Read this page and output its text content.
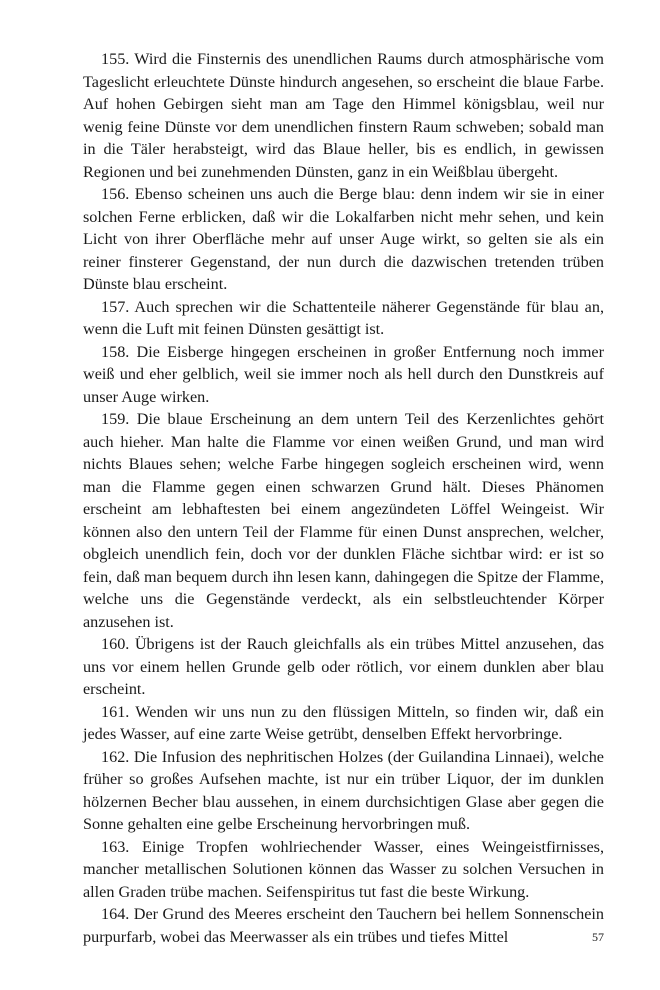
155. Wird die Finsternis des unendlichen Raums durch atmosphärische vom Tageslicht erleuchtete Dünste hindurch angesehen, so erscheint die blaue Farbe. Auf hohen Gebirgen sieht man am Tage den Himmel königsblau, weil nur wenig feine Dünste vor dem unendlichen finstern Raum schweben; sobald man in die Täler herabsteigt, wird das Blaue heller, bis es endlich, in gewissen Regionen und bei zunehmenden Dünsten, ganz in ein Weißblau übergeht.

156. Ebenso scheinen uns auch die Berge blau: denn indem wir sie in einer solchen Ferne erblicken, daß wir die Lokalfarben nicht mehr sehen, und kein Licht von ihrer Oberfläche mehr auf unser Auge wirkt, so gelten sie als ein reiner finsterer Gegenstand, der nun durch die dazwischen tretenden trüben Dünste blau erscheint.

157. Auch sprechen wir die Schattenteile näherer Gegenstände für blau an, wenn die Luft mit feinen Dünsten gesättigt ist.

158. Die Eisberge hingegen erscheinen in großer Entfernung noch immer weiß und eher gelblich, weil sie immer noch als hell durch den Dunstkreis auf unser Auge wirken.

159. Die blaue Erscheinung an dem untern Teil des Kerzenlichtes gehört auch hieher. Man halte die Flamme vor einen weißen Grund, und man wird nichts Blaues sehen; welche Farbe hingegen sogleich erscheinen wird, wenn man die Flamme gegen einen schwarzen Grund hält. Dieses Phänomen erscheint am lebhaftesten bei einem angezündeten Löffel Weingeist. Wir können also den untern Teil der Flamme für einen Dunst ansprechen, welcher, obgleich unendlich fein, doch vor der dunklen Fläche sichtbar wird: er ist so fein, daß man bequem durch ihn lesen kann, dahingegen die Spitze der Flamme, welche uns die Gegenstände verdeckt, als ein selbstleuchtender Körper anzusehen ist.

160. Übrigens ist der Rauch gleichfalls als ein trübes Mittel anzusehen, das uns vor einem hellen Grunde gelb oder rötlich, vor einem dunklen aber blau erscheint.

161. Wenden wir uns nun zu den flüssigen Mitteln, so finden wir, daß ein jedes Wasser, auf eine zarte Weise getrübt, denselben Effekt hervorbringe.

162. Die Infusion des nephritischen Holzes (der Guilandina Linnaei), welche früher so großes Aufsehen machte, ist nur ein trüber Liquor, der im dunklen hölzernen Becher blau aussehen, in einem durchsichtigen Glase aber gegen die Sonne gehalten eine gelbe Erscheinung hervorbringen muß.

163. Einige Tropfen wohlriechender Wasser, eines Weingeistfirnisses, mancher metallischen Solutionen können das Wasser zu solchen Versuchen in allen Graden trübe machen. Seifenspiritus tut fast die beste Wirkung.

164. Der Grund des Meeres erscheint den Tauchern bei hellem Sonnenschein purpurfarb, wobei das Meerwasser als ein trübes und tiefes Mittel	57
